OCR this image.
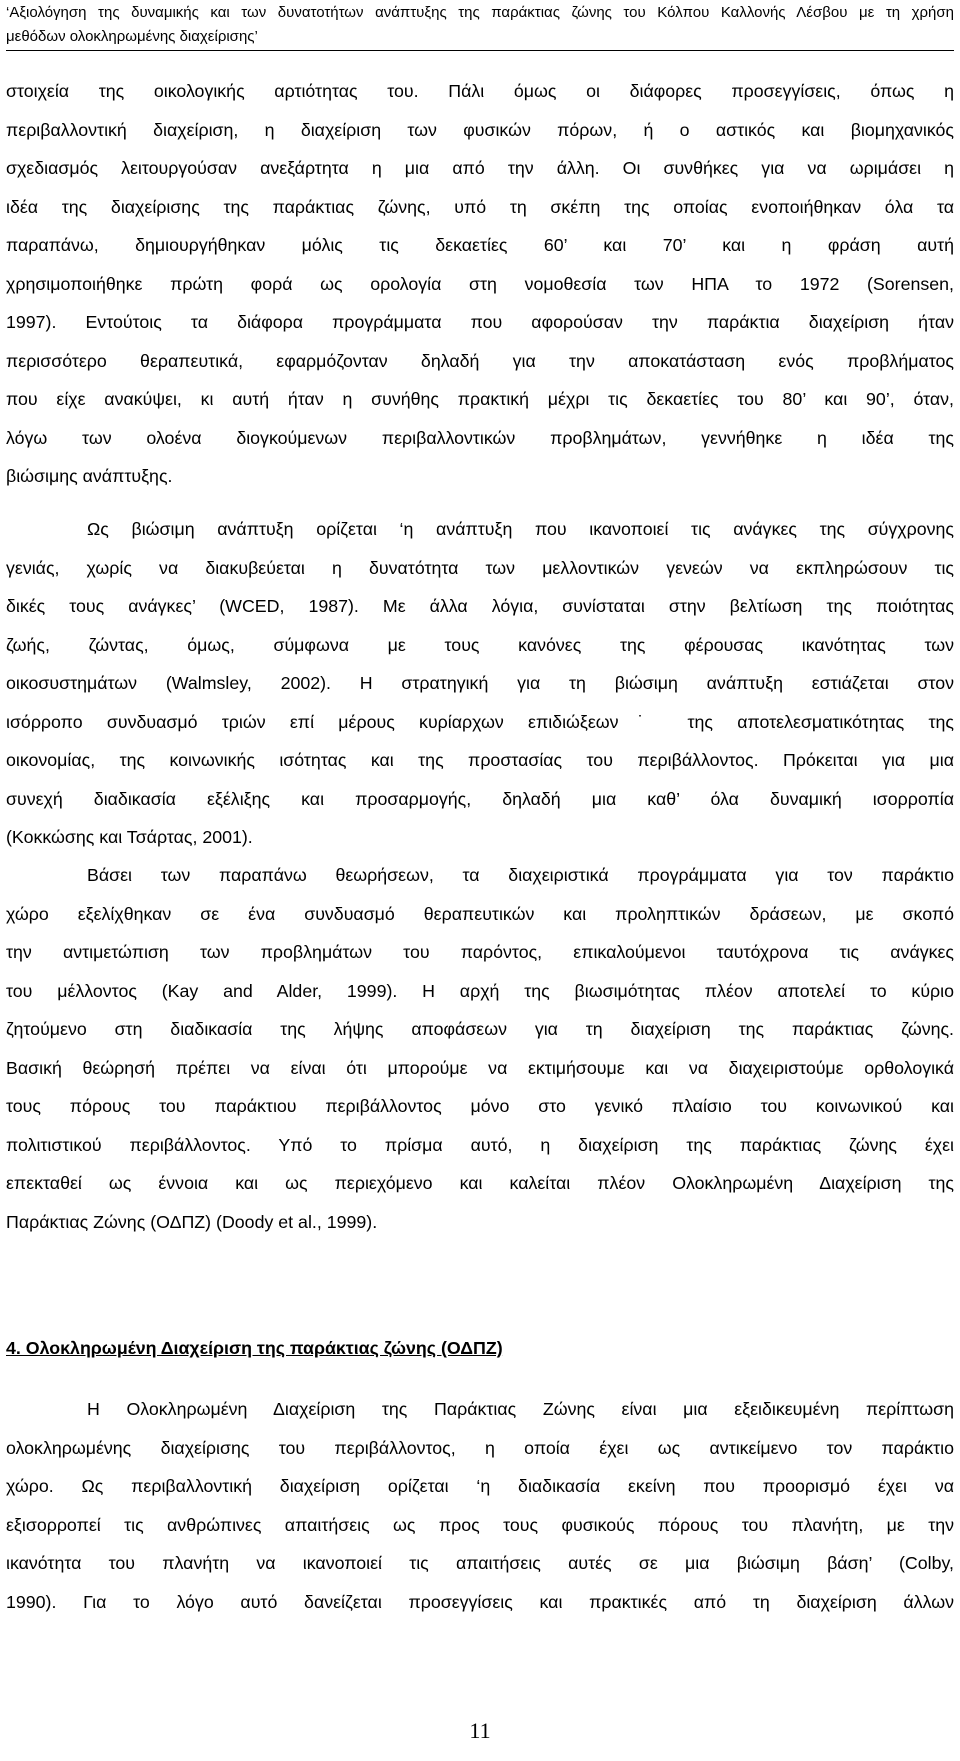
‘Αξιολόγηση της δυναμικής και των δυνατοτήτων ανάπτυξης της παράκτιας ζώνης του Κόλπου Καλλονής Λέσβου με τη χρήση
μεθόδων ολοκληρωμένης διαχείρισης’
στοιχεία της οικολογικής αρτιότητας του. Πάλι όμως οι διάφορες προσεγγίσεις, όπως η
περιβαλλοντική διαχείριση, η διαχείριση των φυσικών πόρων, ή ο αστικός και βιομηχανικός
σχεδιασμός λειτουργούσαν ανεξάρτητα η μια από την άλλη. Οι συνθήκες για να ωριμάσει η
ιδέα της διαχείρισης της παράκτιας ζώνης, υπό τη σκέπη της οποίας ενοποιήθηκαν όλα τα
παραπάνω, δημιουργήθηκαν μόλις τις δεκαετίες 60’ και 70’ και η φράση αυτή
χρησιμοποιήθηκε πρώτη φορά ως ορολογία στη νομοθεσία των ΗΠΑ το 1972 (Sorensen,
1997). Εντούτοις τα διάφορα προγράμματα που αφορούσαν την παράκτια διαχείριση ήταν
περισσότερο θεραπευτικά, εφαρμόζονταν δηλαδή για την αποκατάσταση ενός προβλήματος
που είχε ανακύψει, κι αυτή ήταν η συνήθης πρακτική μέχρι τις δεκαετίες του 80’ και 90’, όταν,
λόγω των ολοένα διογκούμενων περιβαλλοντικών προβλημάτων, γεννήθηκε η ιδέα της
βιώσιμης ανάπτυξης.
Ως βιώσιμη ανάπτυξη ορίζεται ‘η ανάπτυξη που ικανοποιεί τις ανάγκες της σύγχρονης
γενιάς, χωρίς να διακυβεύεται η δυνατότητα των μελλοντικών γενεών να εκπληρώσουν τις
δικές τους ανάγκες’ (WCED, 1987). Με άλλα λόγια, συνίσταται στην βελτίωση της ποιότητας
ζωής, ζώντας, όμως, σύμφωνα με τους κανόνες της φέρουσας ικανότητας των
οικοσυστημάτων (Walmsley, 2002). Η στρατηγική για τη βιώσιμη ανάπτυξη εστιάζεται στον
ισόρροπο συνδυασμό τριών επί μέρους κυρίαρχων επιδιώξεων˙ της αποτελεσματικότητας της
οικονομίας, της κοινωνικής ισότητας και της προστασίας του περιβάλλοντος. Πρόκειται για μια
συνεχή διαδικασία εξέλιξης και προσαρμογής, δηλαδή μια καθ’ όλα δυναμική ισορροπία
(Κοκκώσης και Τσάρτας, 2001).
Βάσει των παραπάνω θεωρήσεων, τα διαχειριστικά προγράμματα για τον παράκτιο
χώρο εξελίχθηκαν σε ένα συνδυασμό θεραπευτικών και προληπτικών δράσεων, με σκοπό
την αντιμετώπιση των προβλημάτων του παρόντος, επικαλούμενοι ταυτόχρονα τις ανάγκες
του μέλλοντος (Kay and Alder, 1999). Η αρχή της βιωσιμότητας πλέον αποτελεί το κύριο
ζητούμενο στη διαδικασία της λήψης αποφάσεων για τη διαχείριση της παράκτιας ζώνης.
Βασική θεώρησή πρέπει να είναι ότι μπορούμε να εκτιμήσουμε και να διαχειριστούμε ορθολογικά
τους πόρους του παράκτιου περιβάλλοντος μόνο στο γενικό πλαίσιο του κοινωνικού και
πολιτιστικού περιβάλλοντος. Υπό το πρίσμα αυτό, η διαχείριση της παράκτιας ζώνης έχει
επεκταθεί ως έννοια και ως περιεχόμενο και καλείται πλέον Ολοκληρωμένη Διαχείριση της
Παράκτιας Ζώνης (ΟΔΠΖ) (Doody et al., 1999).
4. Ολοκληρωμένη Διαχείριση της παράκτιας ζώνης (ΟΔΠΖ)
Η Ολοκληρωμένη Διαχείριση της Παράκτιας Ζώνης είναι μια εξειδικευμένη περίπτωση
ολοκληρωμένης διαχείρισης του περιβάλλοντος, η οποία έχει ως αντικείμενο τον παράκτιο
χώρο. Ως περιβαλλοντική διαχείριση ορίζεται ‘η διαδικασία εκείνη που προορισμό έχει να
εξισορροπεί τις ανθρώπινες απαιτήσεις ως προς τους φυσικούς πόρους του πλανήτη, με την
ικανότητα του πλανήτη να ικανοποιεί τις απαιτήσεις αυτές σε μια βιώσιμη βάση’ (Colby,
1990). Για το λόγο αυτό δανείζεται προσεγγίσεις και πρακτικές από τη διαχείριση άλλων
11
